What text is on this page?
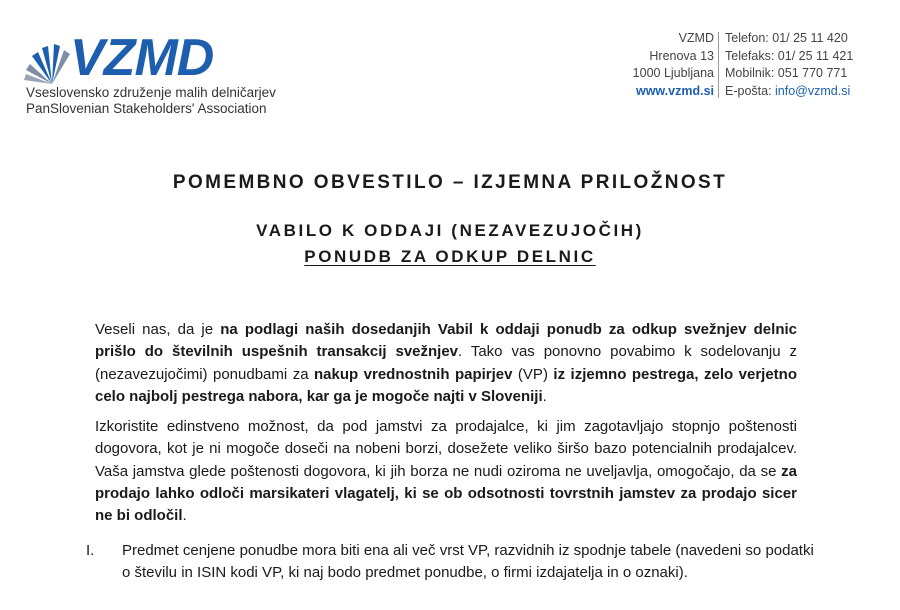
VZMD
Vseslovensko združenje malih delničarjev
PanSlovenian Stakeholders' Association
VZMD
Hrenova 13
1000 Ljubljana
www.vzmd.si
Telefon: 01/ 25 11 420
Telefaks: 01/ 25 11 421
Mobilnik: 051 770 771
E-pošta: info@vzmd.si
POMEMBNO OBVESTILO – IZJEMNA PRILOŽNOST
VABILO K ODDAJI (NEZAVEZUJOČIH)
PONUDB ZA ODKUP DELNIC
Veseli nas, da je na podlagi naših dosedanjih Vabil k oddaji ponudb za odkup svežnjev delnic prišlo do številnih uspešnih transakcij svežnjev. Tako vas ponovno povabimo k sodelovanju z (nezavezujočimi) ponudbami za nakup vrednostnih papirjev (VP) iz izjemno pestrega, zelo verjetno celo najbolj pestrega nabora, kar ga je mogoče najti v Sloveniji.
Izkoristite edinstveno možnost, da pod jamstvi za prodajalce, ki jim zagotavljajo stopnjo poštenosti dogovora, kot je ni mogoče doseči na nobeni borzi, dosežete veliko širšo bazo potencialnih prodajalcev. Vaša jamstva glede poštenosti dogovora, ki jih borza ne nudi oziroma ne uveljavlja, omogočajo, da se za prodajo lahko odloči marsikateri vlagatelj, ki se ob odsotnosti tovrstnih jamstev za prodajo sicer ne bi odločil.
I. Predmet cenjene ponudbe mora biti ena ali več vrst VP, razvidnih iz spodnje tabele (navedeni so podatki o številu in ISIN kodi VP, ki naj bodo predmet ponudbe, o firmi izdajatelja in o oznaki).
